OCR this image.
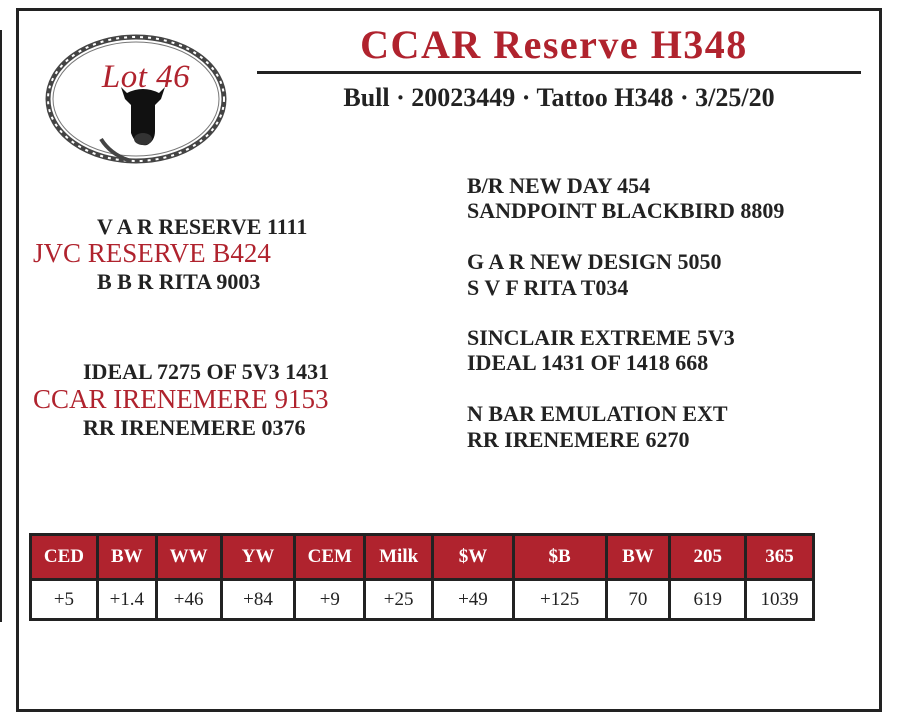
Lot 46
CCAR Reserve H348
Bull · 20023449 · Tattoo H348 · 3/25/20
V A R RESERVE 1111
JVC RESERVE B424
B B R RITA 9003
IDEAL 7275 OF 5V3 1431
CCAR IRENEMERE 9153
RR IRENEMERE 0376
B/R NEW DAY 454
SANDPOINT BLACKBIRD 8809
G A R NEW DESIGN 5050
S V F RITA T034
SINCLAIR EXTREME 5V3
IDEAL 1431 OF 1418 668
N BAR EMULATION EXT
RR IRENEMERE 6270
CED	BW	WW	YW	CEM	Milk	$W	$B	BW	205	365
+5	+1.4	+46	+84	+9	+25	+49	+125	70	619	1039
